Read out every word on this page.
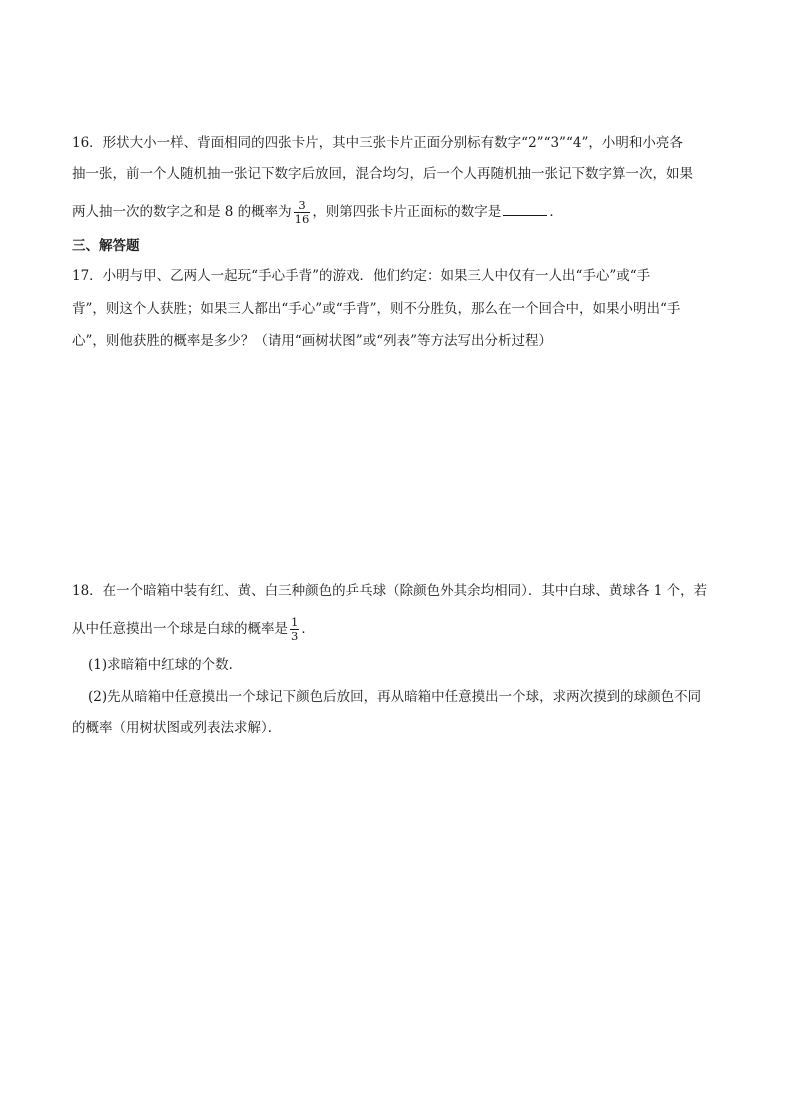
16．形状大小一样、背面相同的四张卡片，其中三张卡片正面分别标有数字“2”“3”“4”，小明和小亮各
抽一张，前一个人随机抽一张记下数字后放回，混合均匀，后一个人再随机抽一张记下数字算一次，如果
两人抽一次的数字之和是 8 的概率为 $\frac{3}{16}$ ，则第四张卡片正面标的数字是	．
三、解答题
17．小明与甲、乙两人一起玩“手心手背”的游戏．他们约定：如果三人中仅有一人出“手心”或“手
背”，则这个人获胜；如果三人都出“手心”或“手背”，则不分胜负，那么在一个回合中，如果小明出“手
心”，则他获胜的概率是多少？（请用“画树状图”或“列表”等方法写出分析过程）
18．在一个暗箱中装有红、黄、白三种颜色的乒乓球（除颜色外其余均相同）．其中白球、黄球各 1 个，若
从中任意摸出一个球是白球的概率是 $\frac{1}{3}$ ．
(1)求暗箱中红球的个数．
(2)先从暗箱中任意摸出一个球记下颜色后放回，再从暗箱中任意摸出一个球，求两次摸到的球颜色不同
的概率（用树状图或列表法求解）．
